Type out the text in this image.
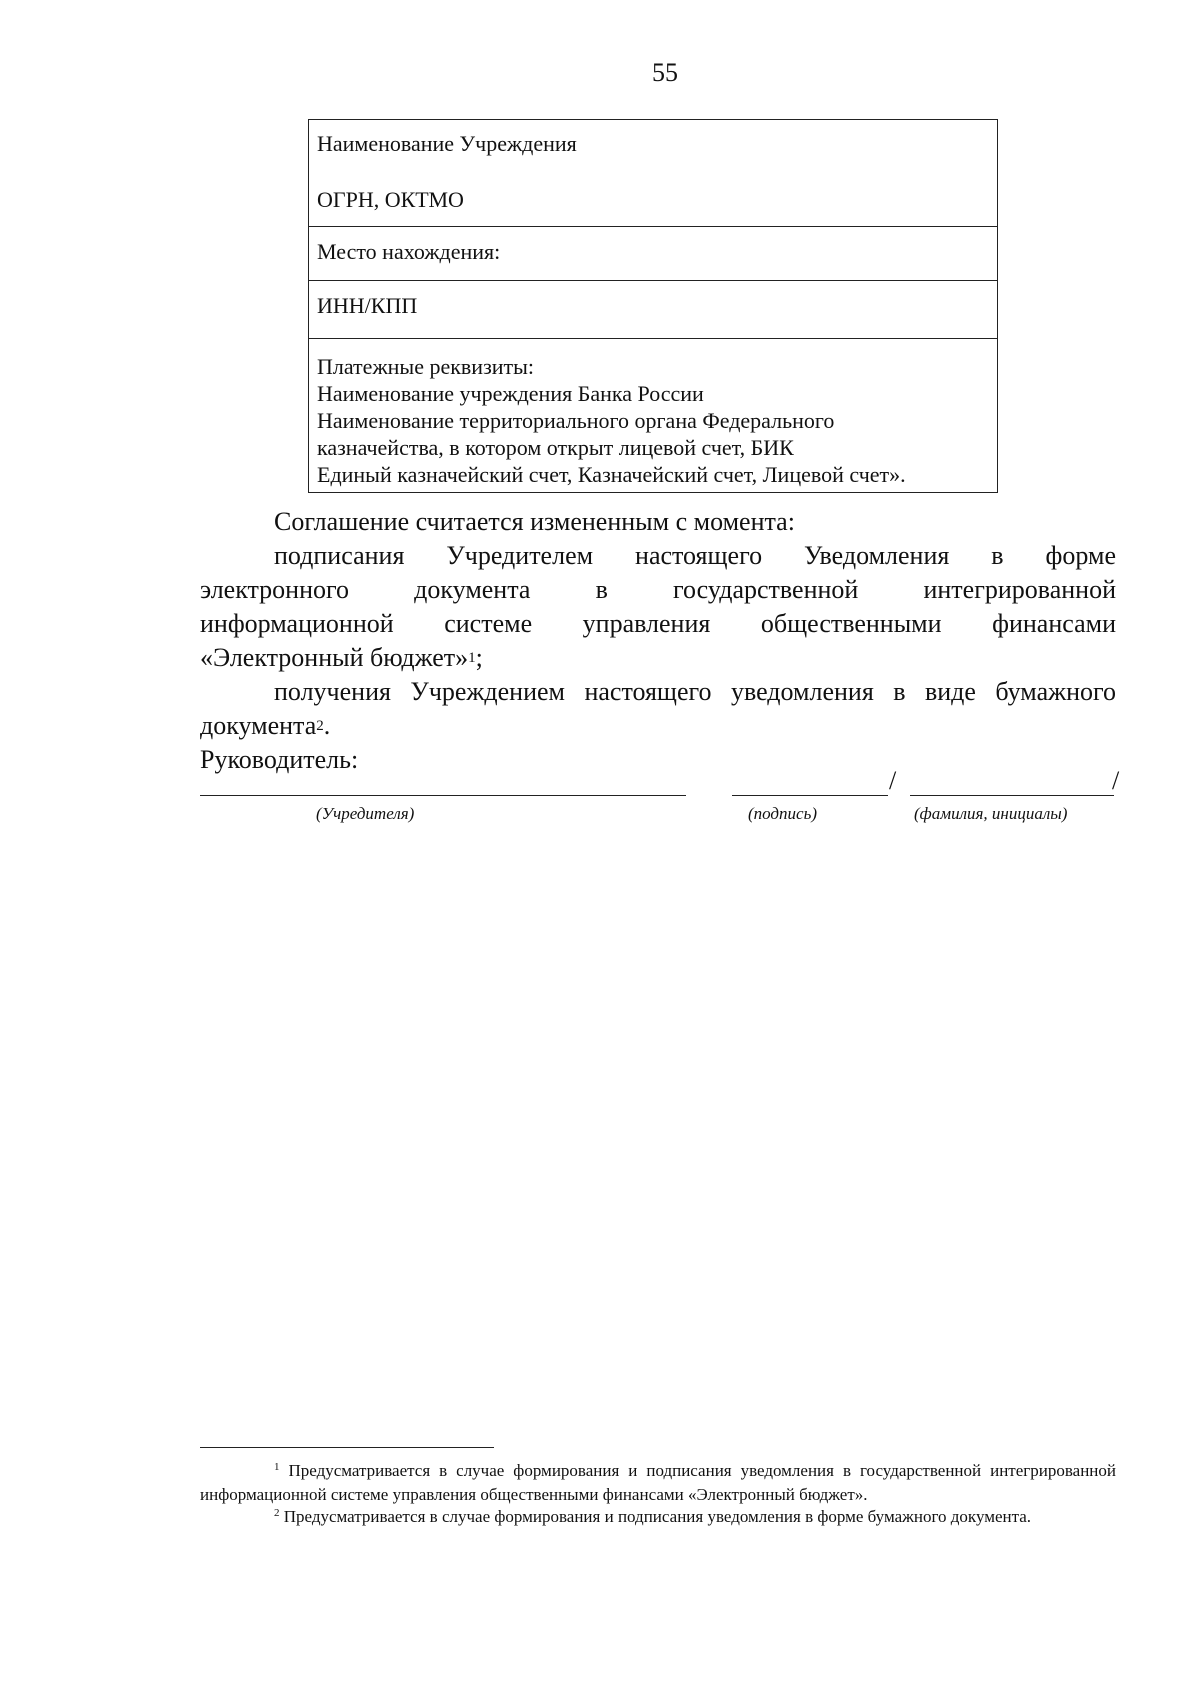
55
Наименование Учреждения
ОГРН, ОКТМО
Место нахождения:
ИНН/КПП
Платежные реквизиты:
Наименование учреждения Банка России
Наименование территориального органа Федерального
казначейства, в котором открыт лицевой счет, БИК
Единый казначейский счет, Казначейский счет, Лицевой счет».
Соглашение считается измененным с момента:
подписания Учредителем настоящего Уведомления в форме
электронного документа в государственной интегрированной
информационной системе управления общественными финансами
«Электронный бюджет»$^1$;
получения Учреждением настоящего уведомления в виде бумажного
документа$^2$.
Руководитель:
/	/
(Учредителя)	(подпись)	(фамилия, инициалы)
$^1$ Предусматривается в случае формирования и подписания уведомления в государственной интегрированной информационной системе управления общественными финансами «Электронный бюджет».
$^2$ Предусматривается в случае формирования и подписания уведомления в форме бумажного документа.
